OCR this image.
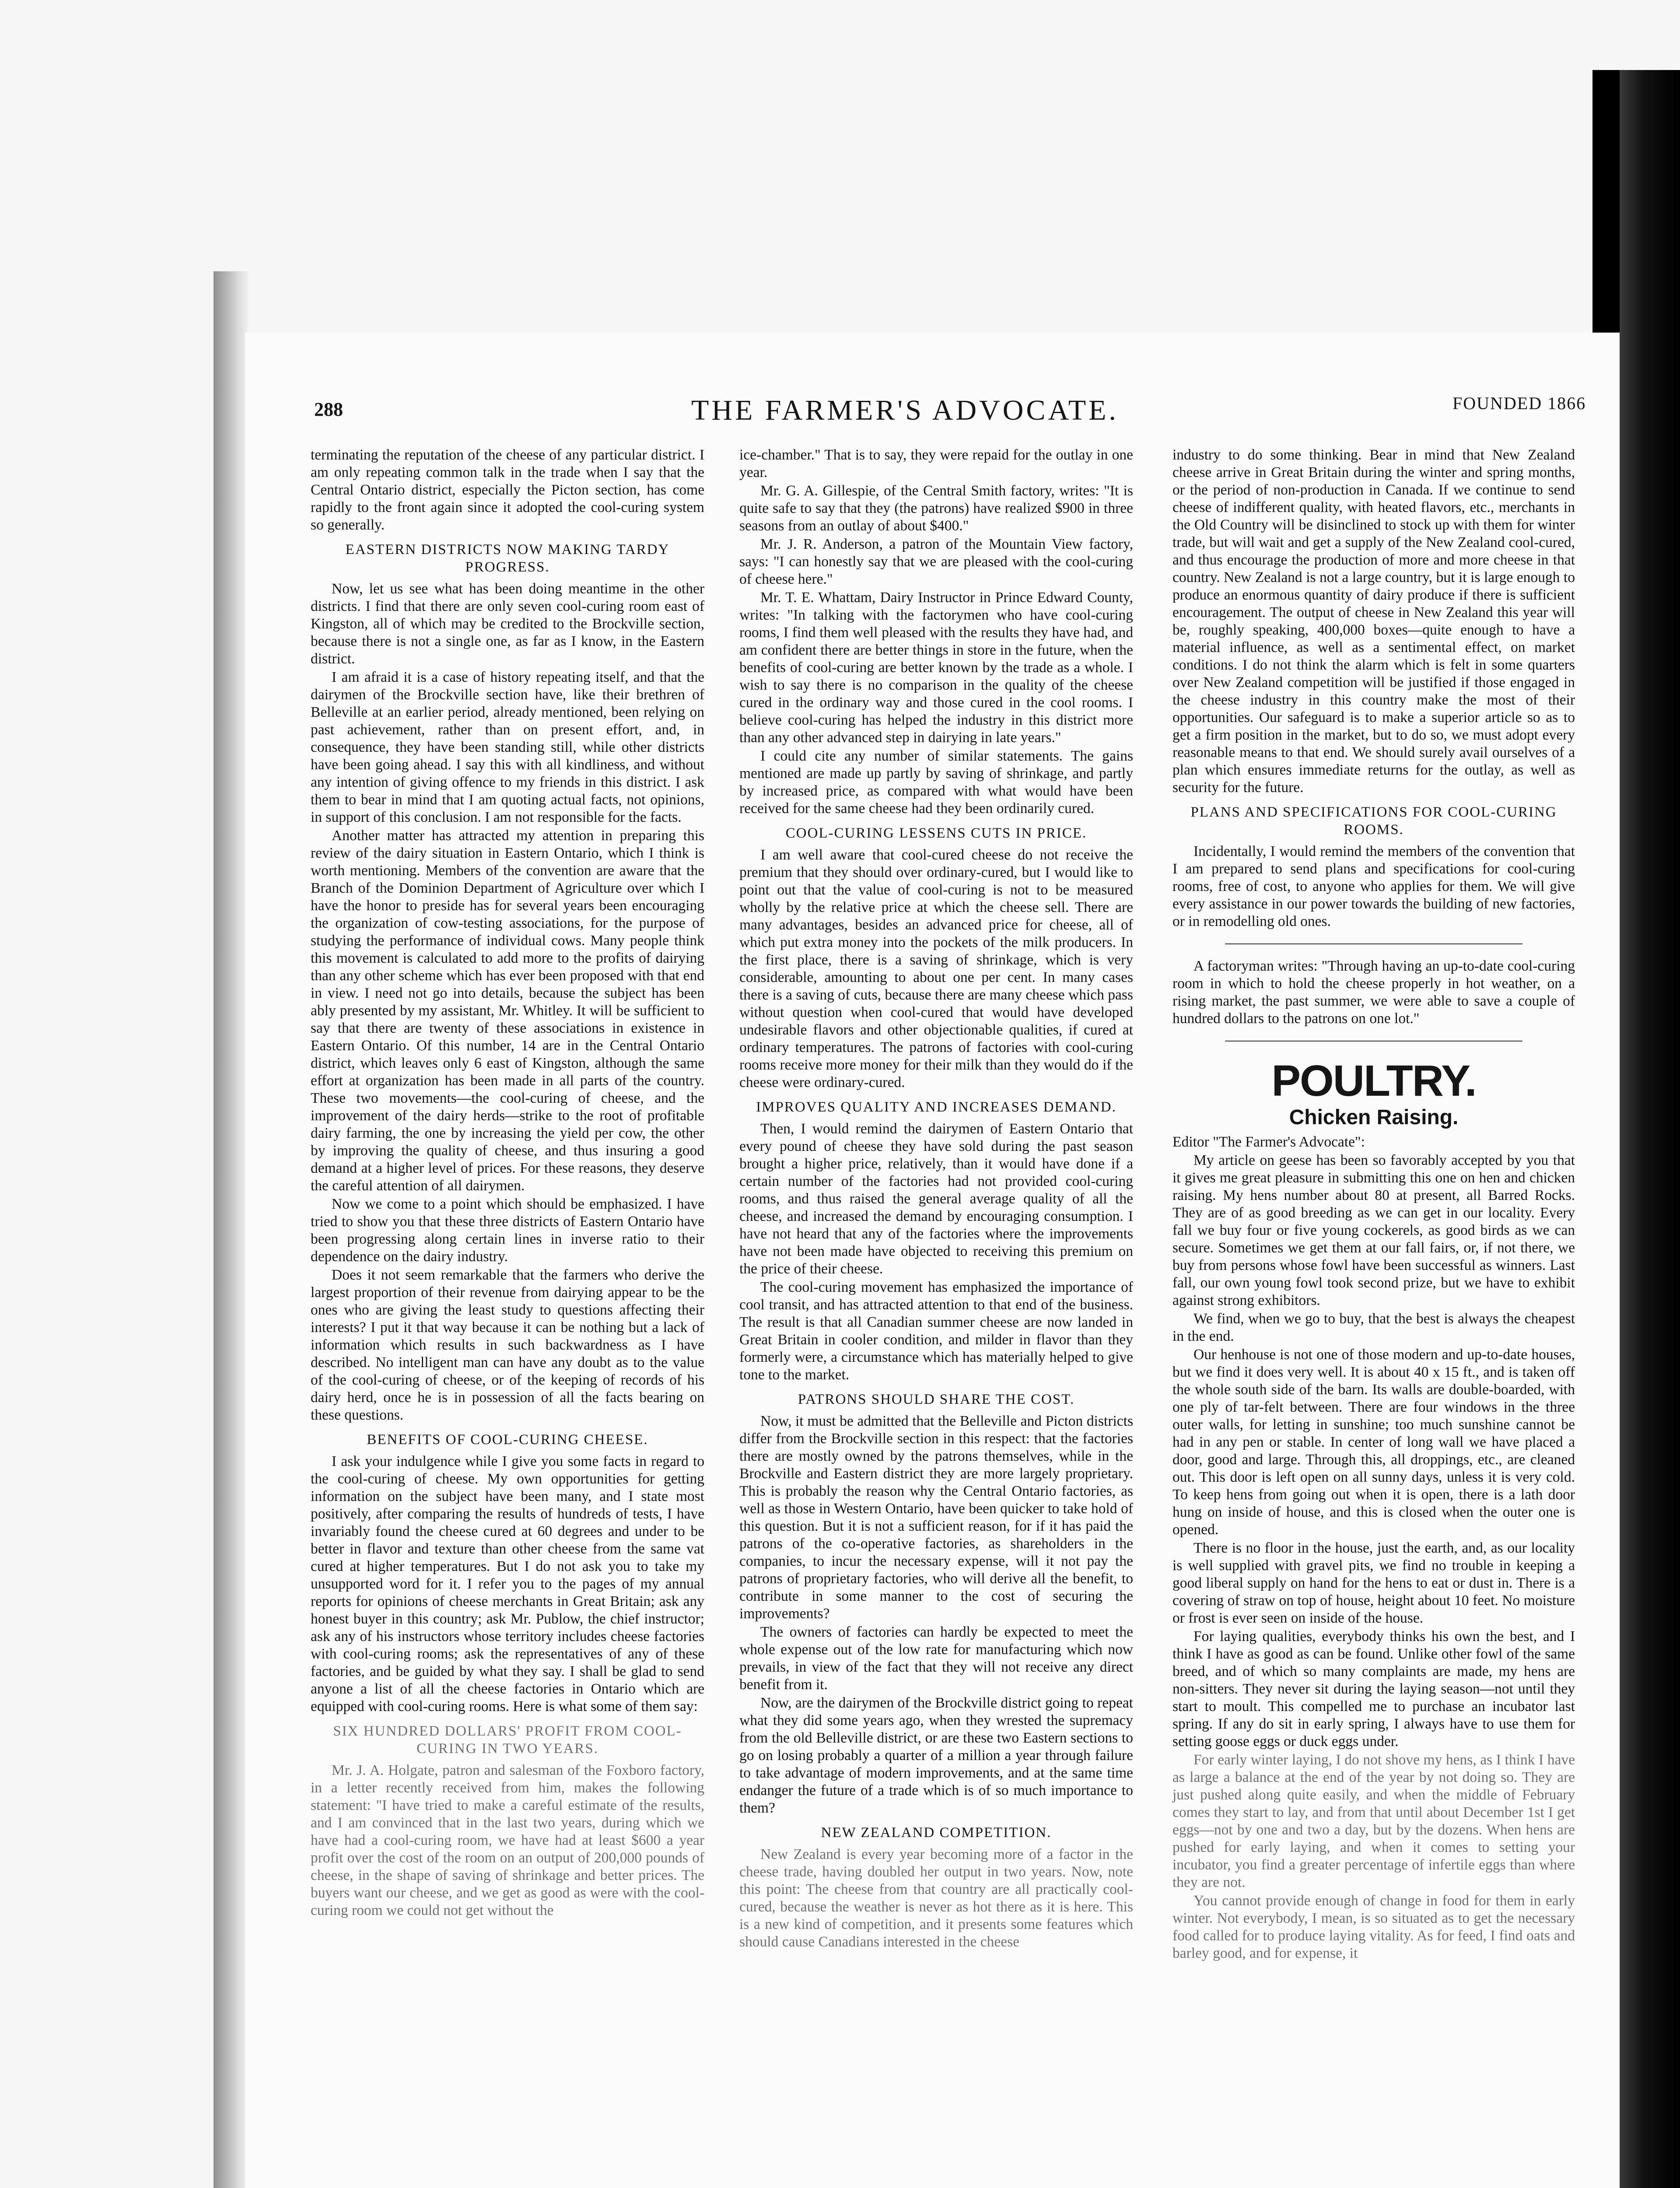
288	THE FARMER'S ADVOCATE.	FOUNDED 1866

terminating the reputation of the cheese of any particular district. I am only repeating common talk in the trade when I say that the Central Ontario district, especially the Picton section, has come rapidly to the front again since it adopted the cool-curing system so generally.

EASTERN DISTRICTS NOW MAKING TARDY PROGRESS.

Now, let us see what has been doing meantime in the other districts. I find that there are only seven cool-curing room east of Kingston, all of which may be credited to the Brockville section, because there is not a single one, as far as I know, in the Eastern district.

I am afraid it is a case of history repeating itself, and that the dairymen of the Brockville section have, like their brethren of Belleville at an earlier period, already mentioned, been relying on past achievement, rather than on present effort, and, in consequence, they have been standing still, while other districts have been going ahead. I say this with all kindliness, and without any intention of giving offence to my friends in this district. I ask them to bear in mind that I am quoting actual facts, not opinions, in support of this conclusion. I am not responsible for the facts.

Another matter has attracted my attention in preparing this review of the dairy situation in Eastern Ontario, which I think is worth mentioning. Members of the convention are aware that the Branch of the Dominion Department of Agriculture over which I have the honor to preside has for several years been encouraging the organization of cow-testing associations, for the purpose of studying the performance of individual cows. Many people think this movement is calculated to add more to the profits of dairying than any other scheme which has ever been proposed with that end in view. I need not go into details, because the subject has been ably presented by my assistant, Mr. Whitley. It will be sufficient to say that there are twenty of these associations in existence in Eastern Ontario. Of this number, 14 are in the Central Ontario district, which leaves only 6 east of Kingston, although the same effort at organization has been made in all parts of the country. These two movements—the cool-curing of cheese, and the improvement of the dairy herds—strike to the root of profitable dairy farming, the one by increasing the yield per cow, the other by improving the quality of cheese, and thus insuring a good demand at a higher level of prices. For these reasons, they deserve the careful attention of all dairymen.

Now we come to a point which should be emphasized. I have tried to show you that these three districts of Eastern Ontario have been progressing along certain lines in inverse ratio to their dependence on the dairy industry.

Does it not seem remarkable that the farmers who derive the largest proportion of their revenue from dairying appear to be the ones who are giving the least study to questions affecting their interests? I put it that way because it can be nothing but a lack of information which results in such backwardness as I have described. No intelligent man can have any doubt as to the value of the cool-curing of cheese, or of the keeping of records of his dairy herd, once he is in possession of all the facts bearing on these questions.

BENEFITS OF COOL-CURING CHEESE.

I ask your indulgence while I give you some facts in regard to the cool-curing of cheese. My own opportunities for getting information on the subject have been many, and I state most positively, after comparing the results of hundreds of tests, I have invariably found the cheese cured at 60 degrees and under to be better in flavor and texture than other cheese from the same vat cured at higher temperatures. But I do not ask you to take my unsupported word for it. I refer you to the pages of my annual reports for opinions of cheese merchants in Great Britain; ask any honest buyer in this country; ask Mr. Publow, the chief instructor; ask any of his instructors whose territory includes cheese factories with cool-curing rooms; ask the representatives of any of these factories, and be guided by what they say. I shall be glad to send anyone a list of all the cheese factories in Ontario which are equipped with cool-curing rooms. Here is what some of them say:

SIX HUNDRED DOLLARS' PROFIT FROM COOL-CURING IN TWO YEARS.

Mr. J. A. Holgate, patron and salesman of the Foxboro factory, in a letter recently received from him, makes the following statement: "I have tried to make a careful estimate of the results, and I am convinced that in the last two years, during which we have had a cool-curing room, we have had at least $600 a year profit over the cost of the room on an output of 200,000 pounds of cheese, in the shape of saving of shrinkage and better prices. The buyers want our cheese, and we get as good as were with the cool-curing room we could not get without the

ice-chamber." That is to say, they were repaid for the outlay in one year.

Mr. G. A. Gillespie, of the Central Smith factory, writes: "It is quite safe to say that they (the patrons) have realized $900 in three seasons from an outlay of about $400."

Mr. J. R. Anderson, a patron of the Mountain View factory, says: "I can honestly say that we are pleased with the cool-curing of cheese here."

Mr. T. E. Whattam, Dairy Instructor in Prince Edward County, writes: "In talking with the factorymen who have cool-curing rooms, I find them well pleased with the results they have had, and am confident there are better things in store in the future, when the benefits of cool-curing are better known by the trade as a whole. I wish to say there is no comparison in the quality of the cheese cured in the ordinary way and those cured in the cool rooms. I believe cool-curing has helped the industry in this district more than any other advanced step in dairying in late years."

I could cite any number of similar statements. The gains mentioned are made up partly by saving of shrinkage, and partly by increased price, as compared with what would have been received for the same cheese had they been ordinarily cured.

COOL-CURING LESSENS CUTS IN PRICE.

I am well aware that cool-cured cheese do not receive the premium that they should over ordinary-cured, but I would like to point out that the value of cool-curing is not to be measured wholly by the relative price at which the cheese sell. There are many advantages, besides an advanced price for cheese, all of which put extra money into the pockets of the milk producers. In the first place, there is a saving of shrinkage, which is very considerable, amounting to about one per cent. In many cases there is a saving of cuts, because there are many cheese which pass without question when cool-cured that would have developed undesirable flavors and other objectionable qualities, if cured at ordinary temperatures. The patrons of factories with cool-curing rooms receive more money for their milk than they would do if the cheese were ordinary-cured.

IMPROVES QUALITY AND INCREASES DEMAND.

Then, I would remind the dairymen of Eastern Ontario that every pound of cheese they have sold during the past season brought a higher price, relatively, than it would have done if a certain number of the factories had not provided cool-curing rooms, and thus raised the general average quality of all the cheese, and increased the demand by encouraging consumption. I have not heard that any of the factories where the improvements have not been made have objected to receiving this premium on the price of their cheese.

The cool-curing movement has emphasized the importance of cool transit, and has attracted attention to that end of the business. The result is that all Canadian summer cheese are now landed in Great Britain in cooler condition, and milder in flavor than they formerly were, a circumstance which has materially helped to give tone to the market.

PATRONS SHOULD SHARE THE COST.

Now, it must be admitted that the Belleville and Picton districts differ from the Brockville section in this respect: that the factories there are mostly owned by the patrons themselves, while in the Brockville and Eastern district they are more largely proprietary. This is probably the reason why the Central Ontario factories, as well as those in Western Ontario, have been quicker to take hold of this question. But it is not a sufficient reason, for if it has paid the patrons of the co-operative factories, as shareholders in the companies, to incur the necessary expense, will it not pay the patrons of proprietary factories, who will derive all the benefit, to contribute in some manner to the cost of securing the improvements?

The owners of factories can hardly be expected to meet the whole expense out of the low rate for manufacturing which now prevails, in view of the fact that they will not receive any direct benefit from it.

Now, are the dairymen of the Brockville district going to repeat what they did some years ago, when they wrested the supremacy from the old Belleville district, or are these two Eastern sections to go on losing probably a quarter of a million a year through failure to take advantage of modern improvements, and at the same time endanger the future of a trade which is of so much importance to them?

NEW ZEALAND COMPETITION.

New Zealand is every year becoming more of a factor in the cheese trade, having doubled her output in two years. Now, note this point: The cheese from that country are all practically cool-cured, because the weather is never as hot there as it is here. This is a new kind of competition, and it presents some features which should cause Canadians interested in the cheese

industry to do some thinking. Bear in mind that New Zealand cheese arrive in Great Britain during the winter and spring months, or the period of non-production in Canada. If we continue to send cheese of indifferent quality, with heated flavors, etc., merchants in the Old Country will be disinclined to stock up with them for winter trade, but will wait and get a supply of the New Zealand cool-cured, and thus encourage the production of more and more cheese in that country. New Zealand is not a large country, but it is large enough to produce an enormous quantity of dairy produce if there is sufficient encouragement. The output of cheese in New Zealand this year will be, roughly speaking, 400,000 boxes—quite enough to have a material influence, as well as a sentimental effect, on market conditions. I do not think the alarm which is felt in some quarters over New Zealand competition will be justified if those engaged in the cheese industry in this country make the most of their opportunities. Our safeguard is to make a superior article so as to get a firm position in the market, but to do so, we must adopt every reasonable means to that end. We should surely avail ourselves of a plan which ensures immediate returns for the outlay, as well as security for the future.

PLANS AND SPECIFICATIONS FOR COOL-CURING ROOMS.

Incidentally, I would remind the members of the convention that I am prepared to send plans and specifications for cool-curing rooms, free of cost, to anyone who applies for them. We will give every assistance in our power towards the building of new factories, or in remodelling old ones.

A factoryman writes: "Through having an up-to-date cool-curing room in which to hold the cheese properly in hot weather, on a rising market, the past summer, we were able to save a couple of hundred dollars to the patrons on one lot."

POULTRY.
Chicken Raising.

Editor "The Farmer's Advocate":

My article on geese has been so favorably accepted by you that it gives me great pleasure in submitting this one on hen and chicken raising. My hens number about 80 at present, all Barred Rocks. They are of as good breeding as we can get in our locality. Every fall we buy four or five young cockerels, as good birds as we can secure. Sometimes we get them at our fall fairs, or, if not there, we buy from persons whose fowl have been successful as winners. Last fall, our own young fowl took second prize, but we have to exhibit against strong exhibitors.

We find, when we go to buy, that the best is always the cheapest in the end.

Our henhouse is not one of those modern and up-to-date houses, but we find it does very well. It is about 40 x 15 ft., and is taken off the whole south side of the barn. Its walls are double-boarded, with one ply of tar-felt between. There are four windows in the three outer walls, for letting in sunshine; too much sunshine cannot be had in any pen or stable. In center of long wall we have placed a door, good and large. Through this, all droppings, etc., are cleaned out. This door is left open on all sunny days, unless it is very cold. To keep hens from going out when it is open, there is a lath door hung on inside of house, and this is closed when the outer one is opened.

There is no floor in the house, just the earth, and, as our locality is well supplied with gravel pits, we find no trouble in keeping a good liberal supply on hand for the hens to eat or dust in. There is a covering of straw on top of house, height about 10 feet. No moisture or frost is ever seen on inside of the house.

For laying qualities, everybody thinks his own the best, and I think I have as good as can be found. Unlike other fowl of the same breed, and of which so many complaints are made, my hens are non-sitters. They never sit during the laying season—not until they start to moult. This compelled me to purchase an incubator last spring. If any do sit in early spring, I always have to use them for setting goose eggs or duck eggs under.

For early winter laying, I do not shove my hens, as I think I have as large a balance at the end of the year by not doing so. They are just pushed along quite easily, and when the middle of February comes they start to lay, and from that until about December 1st I get eggs—not by one and two a day, but by the dozens. When hens are pushed for early laying, and when it comes to setting your incubator, you find a greater percentage of infertile eggs than where they are not.

You cannot provide enough of change in food for them in early winter. Not everybody, I mean, is so situated as to get the necessary food called for to produce laying vitality. As for feed, I find oats and barley good, and for expense, it
